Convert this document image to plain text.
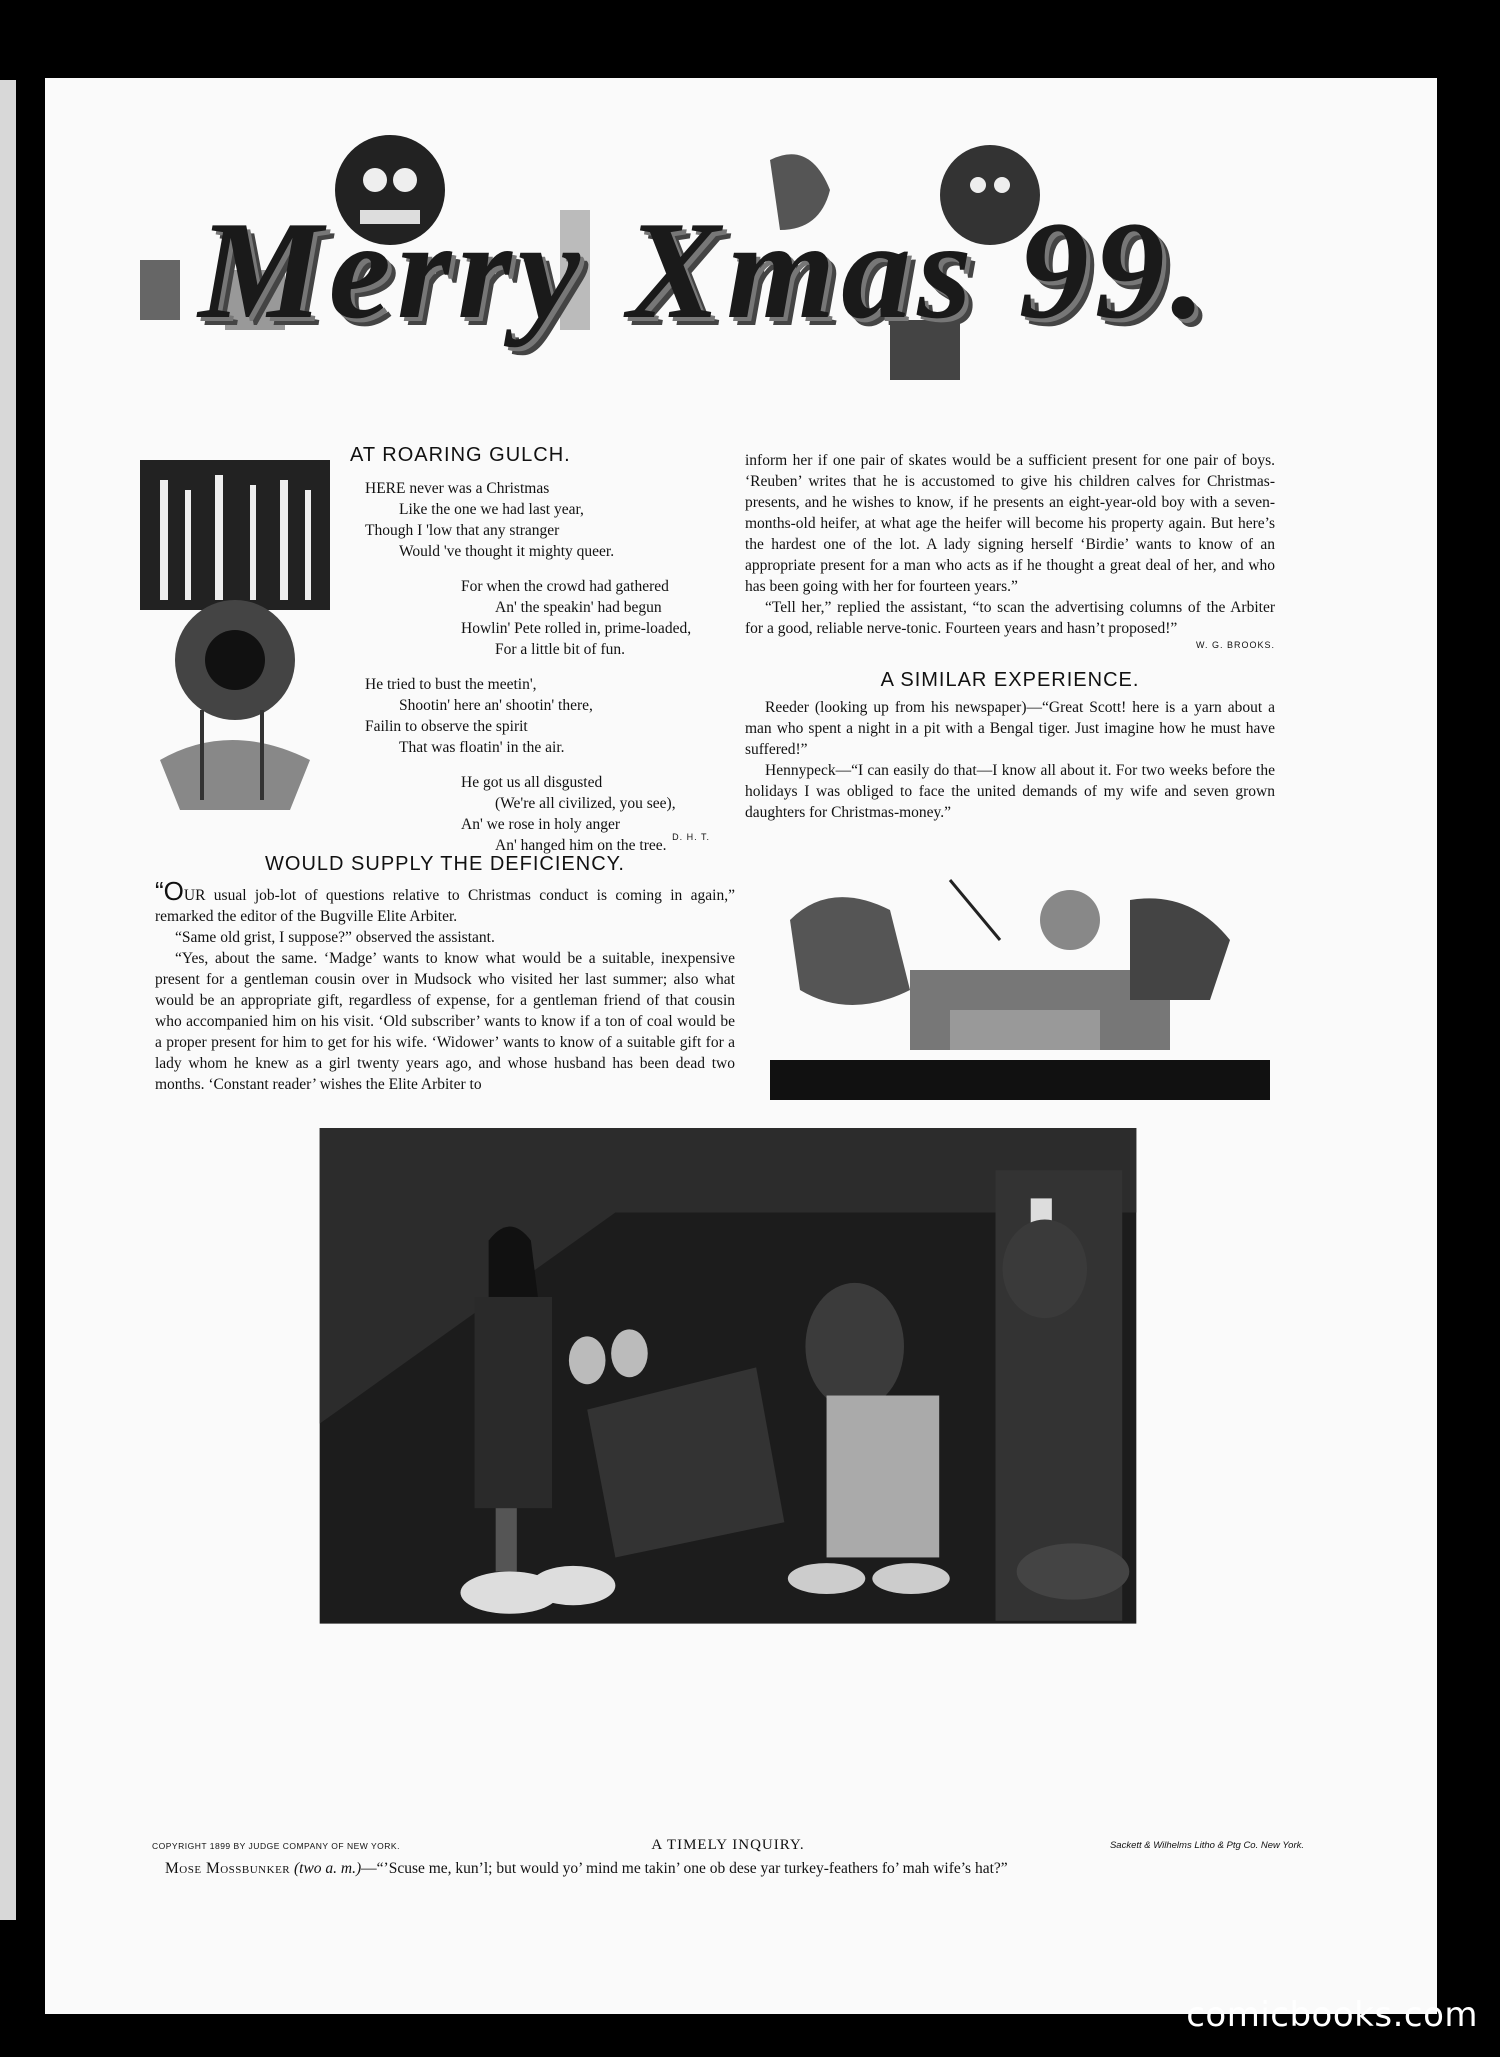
Merry Xmas 99.
AT ROARING GULCH.
HERE never was a Christmas
Like the one we had last year,
Though I 'low that any stranger
Would 've thought it mighty queer.
For when the crowd had gathered
An' the speakin' had begun
Howlin' Pete rolled in, prime-loaded,
For a little bit of fun.
He tried to bust the meetin',
Shootin' here an' shootin' there,
Failin to observe the spirit
That was floatin' in the air.
He got us all disgusted
(We're all civilized, you see),
An' we rose in holy anger
An' hanged him on the tree. D. H. T.
WOULD SUPPLY THE DEFICIENCY.

“OUR usual job-lot of questions relative to Christmas conduct is coming in again,” remarked the editor of the Bugville Elite Arbiter.

“Same old grist, I suppose?” observed the assistant.

“Yes, about the same. ‘Madge’ wants to know what would be a suitable, inexpensive present for a gentleman cousin over in Mudsock who visited her last summer; also what would be an appropriate gift, regardless of expense, for a gentleman friend of that cousin who accompanied him on his visit. ‘Old subscriber’ wants to know if a ton of coal would be a proper present for him to get for his wife. ‘Widower’ wants to know of a suitable gift for a lady whom he knew as a girl twenty years ago, and whose husband has been dead two months. ‘Constant reader’ wishes the Elite Arbiter to

inform her if one pair of skates would be a sufficient present for one pair of boys. ‘Reuben’ writes that he is accustomed to give his children calves for Christmas-presents, and he wishes to know, if he presents an eight-year-old boy with a seven-months-old heifer, at what age the heifer will become his property again. But here’s the hardest one of the lot. A lady signing herself ‘Birdie’ wants to know of an appropriate present for a man who acts as if he thought a great deal of her, and who has been going with her for fourteen years.”

“Tell her,” replied the assistant, “to scan the advertising columns of the Arbiter for a good, reliable nerve-tonic. Fourteen years and hasn’t proposed!”

W. G. BROOKS.
A SIMILAR EXPERIENCE.

Reeder (looking up from his newspaper)—“Great Scott! here is a yarn about a man who spent a night in a pit with a Bengal tiger. Just imagine how he must have suffered!”

Hennypeck—“I can easily do that—I know all about it. For two weeks before the holidays I was obliged to face the united demands of my wife and seven grown daughters for Christmas-money.”

COPYRIGHT 1899 BY JUDGE COMPANY OF NEW YORK.	A TIMELY INQUIRY.	Sackett & Wilhelms Litho & Ptg Co. New York.
Mose Mossbunker (two a. m.)—“’Scuse me, kun’l; but would yo’ mind me takin’ one ob dese yar turkey-feathers fo’ mah wife’s hat?”
comicbooks.com
